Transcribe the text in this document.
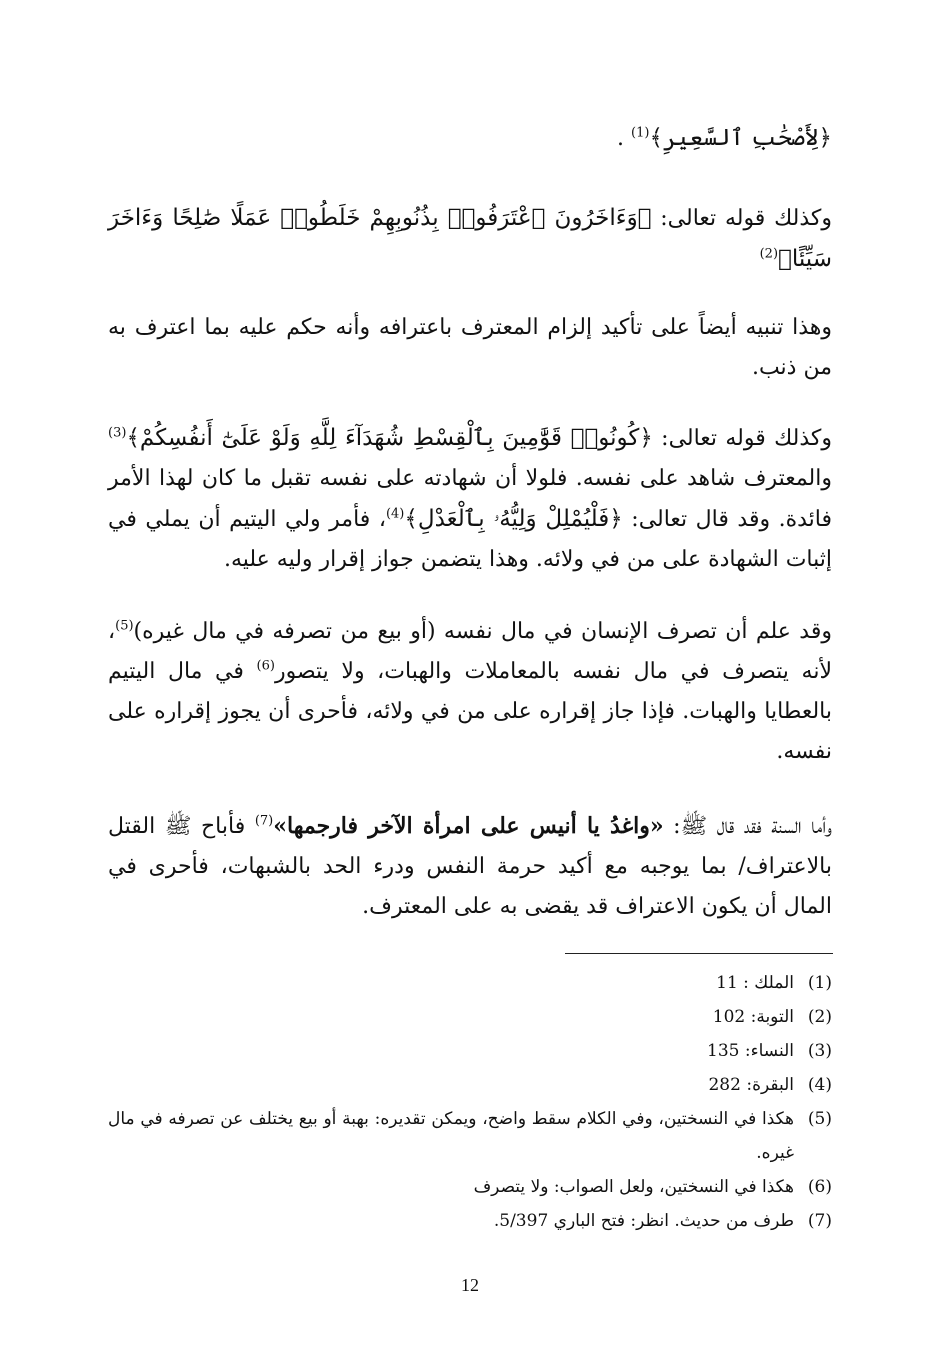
﴿لِأَصْحَٰبِ ٱلسَّعِيرِ﴾$^{(1)}$ .

وكذلك قوله تعالى: ﴿وَءَاخَرُونَ ٱعْتَرَفُوا۟ بِذُنُوبِهِمْ خَلَطُوا۟ عَمَلًا صَٰلِحًا وَءَاخَرَ سَيِّئًا﴾$^{(2)}$

وهذا تنبيه أيضاً على تأكيد إلزام المعترف باعترافه وأنه حكم عليه بما اعترف به من ذنب.

وكذلك قوله تعالى: ﴿كُونُوا۟ قَوَّٰمِينَ بِٱلْقِسْطِ شُهَدَآءَ لِلَّهِ وَلَوْ عَلَىٰٓ أَنفُسِكُمْ﴾$^{(3)}$ والمعترف شاهد على نفسه. فلولا أن شهادته على نفسه تقبل ما كان لهذا الأمر فائدة. وقد قال تعالى: ﴿فَلْيُمْلِلْ وَلِيُّهُۥ بِٱلْعَدْلِ﴾$^{(4)}$، فأمر ولي اليتيم أن يملي في إثبات الشهادة على من في ولائه. وهذا يتضمن جواز إقرار وليه عليه.

وقد علم أن تصرف الإنسان في مال نفسه (أو بيع من تصرفه في مال غيره)$^{(5)}$، لأنه يتصرف في مال نفسه بالمعاملات والهبات، ولا يتصور$^{(6)}$ في مال اليتيم بالعطايا والهبات. فإذا جاز إقراره على من في ولائه، فأحرى أن يجوز إقراره على نفسه.

وأما السنة فقد قال ﷺ: «واغدُ يا أنيس على امرأة الآخر فارجمها»$^{(7)}$ فأباح ﷺ القتل بالاعتراف/ بما يوجبه مع أكيد حرمة النفس ودرء الحد بالشبهات، فأحرى في المال أن يكون الاعتراف قد يقضى به على المعترف.

(1)
الملك : 11
(2)
التوبة: 102
(3)
النساء: 135
(4)
البقرة: 282
(5)
هكذا في النسختين، وفي الكلام سقط واضح، ويمكن تقديره: بهبة أو بيع يختلف عن تصرفه في مال غيره.
(6)
هكذا في النسختين، ولعل الصواب: ولا يتصرف
(7)
طرف من حديث. انظر: فتح الباري 5/397.
12
